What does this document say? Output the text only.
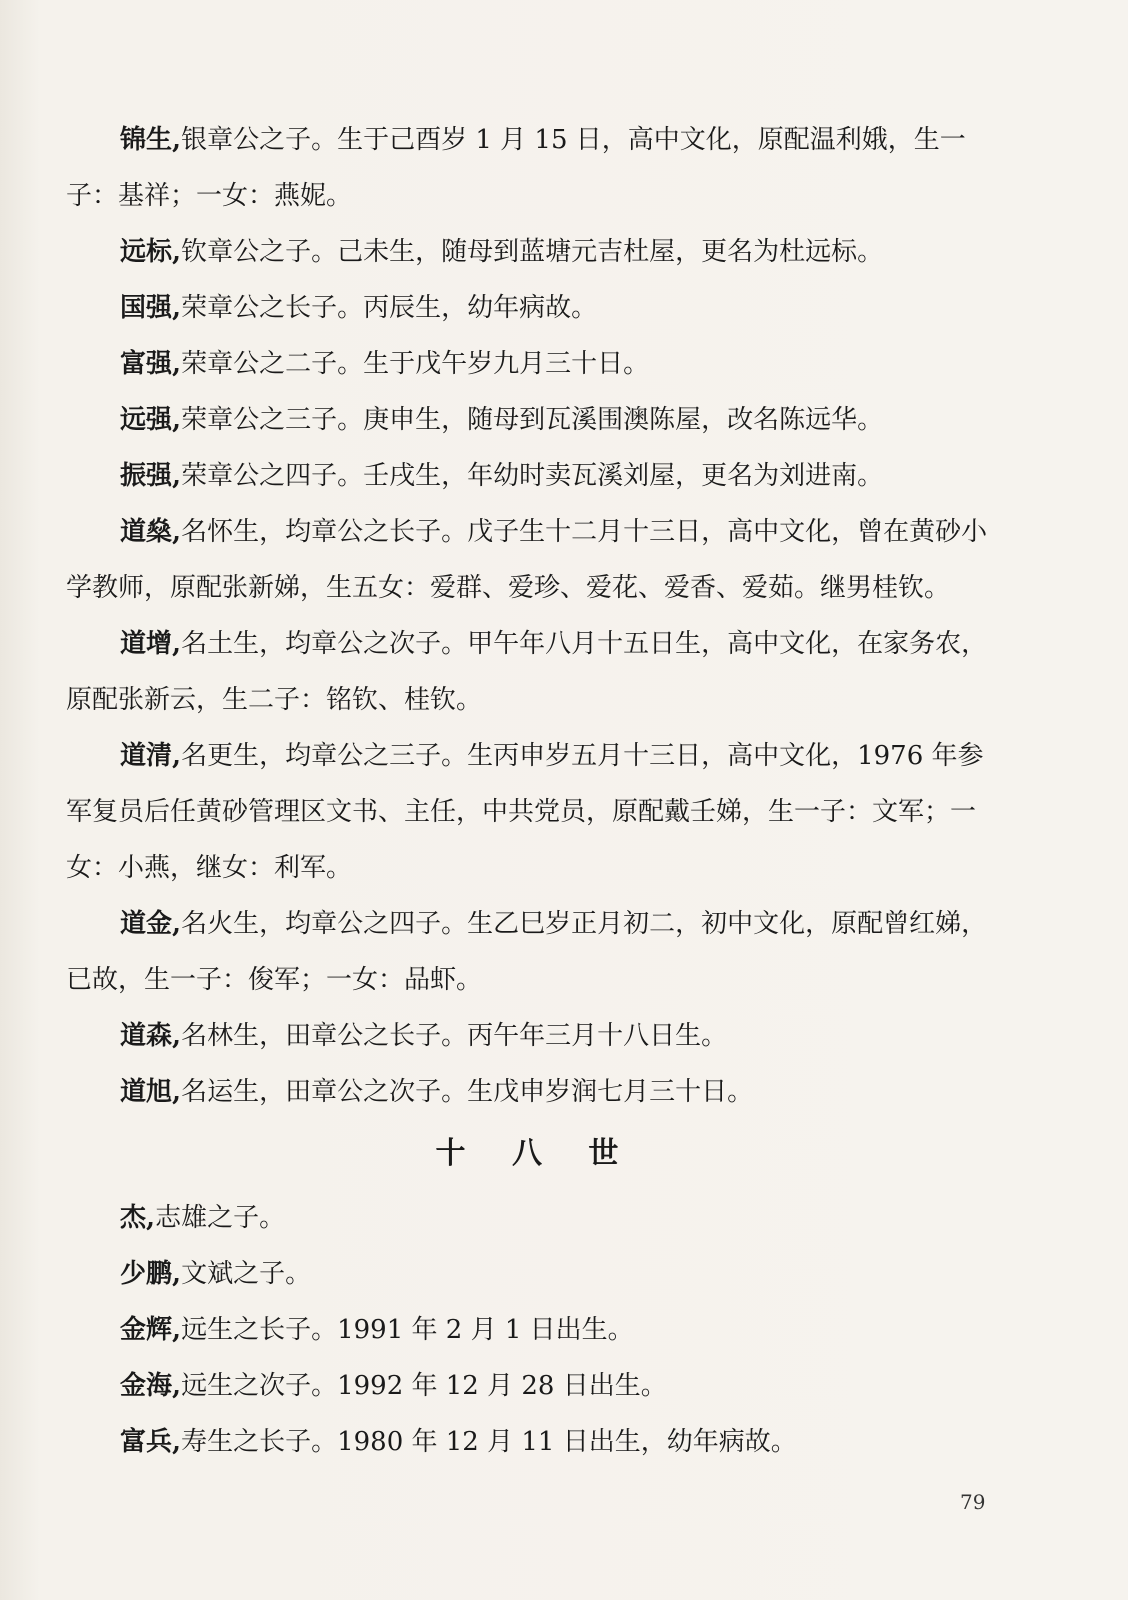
锦生,银章公之子。生于己酉岁 1 月 15 日，高中文化，原配温利娥，生一子：基祥；一女：燕妮。

远标,钦章公之子。己未生，随母到蓝塘元吉杜屋，更名为杜远标。

国强,荣章公之长子。丙辰生，幼年病故。

富强,荣章公之二子。生于戊午岁九月三十日。

远强,荣章公之三子。庚申生，随母到瓦溪围澳陈屋，改名陈远华。

振强,荣章公之四子。壬戌生，年幼时卖瓦溪刘屋，更名为刘进南。

道燊,名怀生，均章公之长子。戊子生十二月十三日，高中文化，曾在黄砂小学教师，原配张新娣，生五女：爱群、爱珍、爱花、爱香、爱茹。继男桂钦。

道增,名土生，均章公之次子。甲午年八月十五日生，高中文化，在家务农，原配张新云，生二子：铭钦、桂钦。

道清,名更生，均章公之三子。生丙申岁五月十三日，高中文化，1976 年参军复员后任黄砂管理区文书、主任，中共党员，原配戴壬娣，生一子：文军；一女：小燕，继女：利军。

道金,名火生，均章公之四子。生乙巳岁正月初二，初中文化，原配曾红娣，已故，生一子：俊军；一女：品虾。

道森,名林生，田章公之长子。丙午年三月十八日生。

道旭,名运生，田章公之次子。生戊申岁润七月三十日。

十 八 世

杰,志雄之子。

少鹏,文斌之子。

金辉,远生之长子。1991 年 2 月 1 日出生。

金海,远生之次子。1992 年 12 月 28 日出生。

富兵,寿生之长子。1980 年 12 月 11 日出生，幼年病故。

79
